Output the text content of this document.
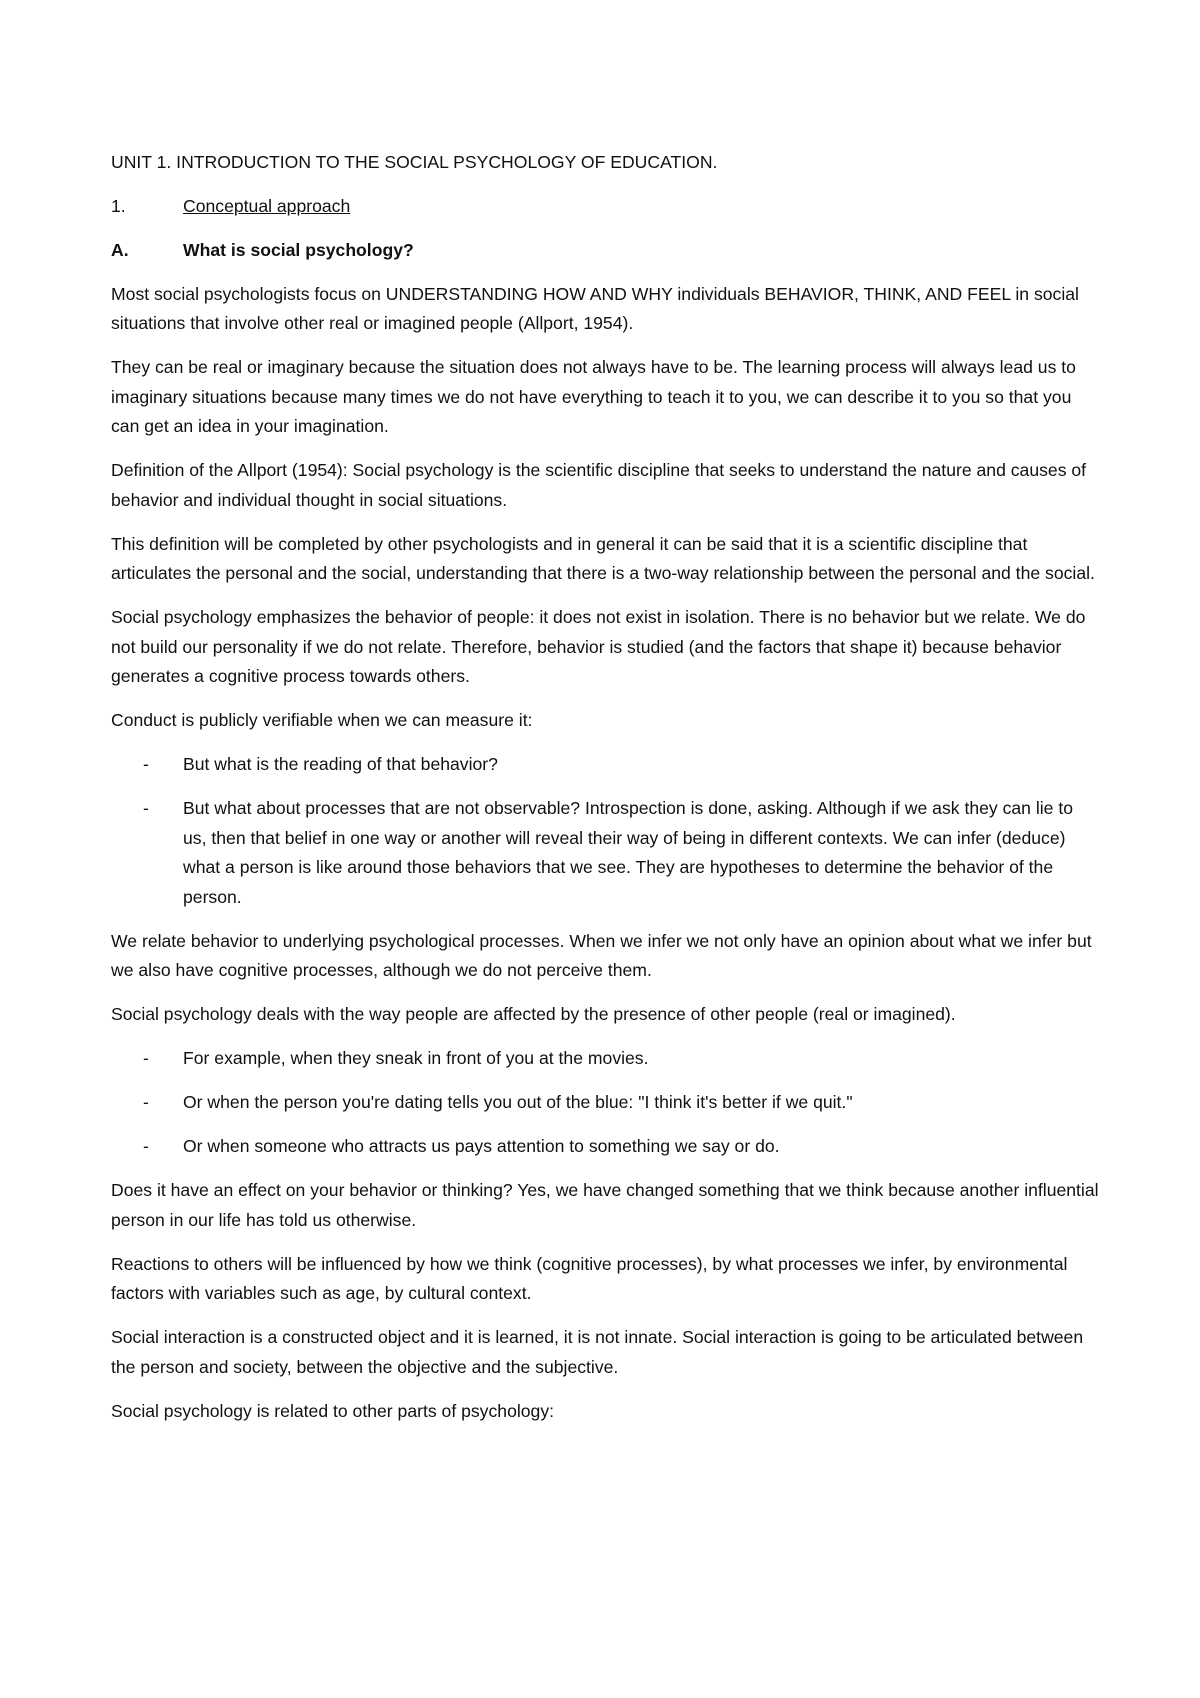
UNIT 1. INTRODUCTION TO THE SOCIAL PSYCHOLOGY OF EDUCATION.

1.	Conceptual approach
A.	What is social psychology?

Most social psychologists focus on UNDERSTANDING HOW AND WHY individuals BEHAVIOR, THINK, AND FEEL in social situations that involve other real or imagined people (Allport, 1954).

They can be real or imaginary because the situation does not always have to be. The learning process will always lead us to imaginary situations because many times we do not have everything to teach it to you, we can describe it to you so that you can get an idea in your imagination.

Definition of the Allport (1954): Social psychology is the scientific discipline that seeks to understand the nature and causes of behavior and individual thought in social situations.

This definition will be completed by other psychologists and in general it can be said that it is a scientific discipline that articulates the personal and the social, understanding that there is a two-way relationship between the personal and the social.

Social psychology emphasizes the behavior of people: it does not exist in isolation. There is no behavior but we relate. We do not build our personality if we do not relate. Therefore, behavior is studied (and the factors that shape it) because behavior generates a cognitive process towards others.

Conduct is publicly verifiable when we can measure it:

-	But what is the reading of that behavior?
-	But what about processes that are not observable? Introspection is done, asking. Although if we ask they can lie to us, then that belief in one way or another will reveal their way of being in different contexts. We can infer (deduce) what a person is like around those behaviors that we see. They are hypotheses to determine the behavior of the person.

We relate behavior to underlying psychological processes. When we infer we not only have an opinion about what we infer but we also have cognitive processes, although we do not perceive them.

Social psychology deals with the way people are affected by the presence of other people (real or imagined).

-	For example, when they sneak in front of you at the movies.
-	Or when the person you're dating tells you out of the blue: "I think it's better if we quit."
-	Or when someone who attracts us pays attention to something we say or do.

Does it have an effect on your behavior or thinking? Yes, we have changed something that we think because another influential person in our life has told us otherwise.

Reactions to others will be influenced by how we think (cognitive processes), by what processes we infer, by environmental factors with variables such as age, by cultural context.

Social interaction is a constructed object and it is learned, it is not innate. Social interaction is going to be articulated between the person and society, between the objective and the subjective.

Social psychology is related to other parts of psychology:
